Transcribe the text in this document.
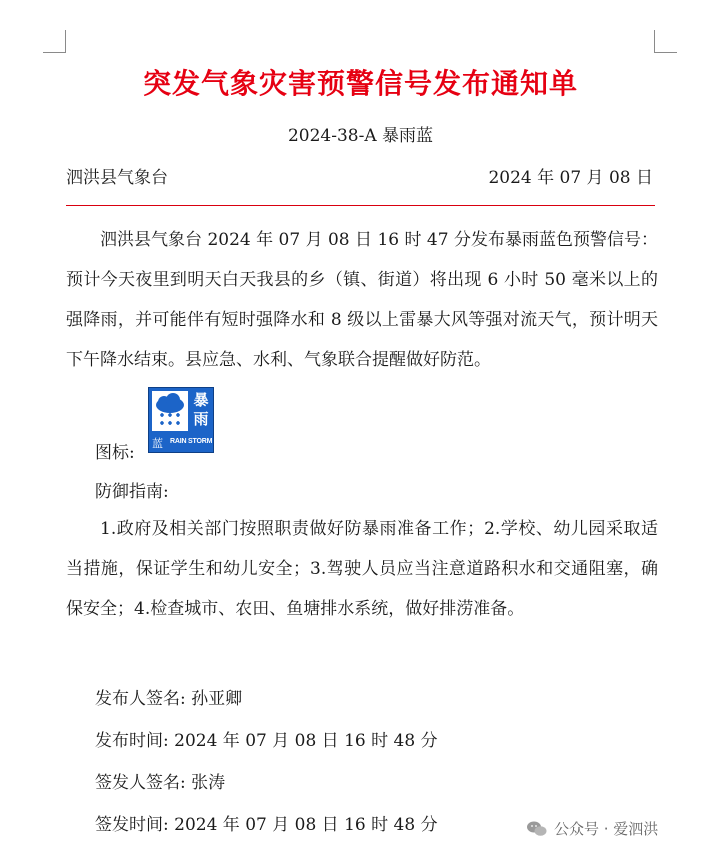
突发气象灾害预警信号发布通知单
2024-38-A 暴雨蓝
泗洪县气象台	2024 年 07 月 08 日

泗洪县气象台 2024 年 07 月 08 日 16 时 47 分发布暴雨蓝色预警信号：预计今天夜里到明天白天我县的乡（镇、街道）将出现 6 小时 50 毫米以上的强降雨，并可能伴有短时强降水和 8 级以上雷暴大风等强对流天气，预计明天下午降水结束。县应急、水利、气象联合提醒做好防范。

图标:
暴雨
蓝 RAIN STORM
防御指南:

1.政府及相关部门按照职责做好防暴雨准备工作；2.学校、幼儿园采取适当措施，保证学生和幼儿安全；3.驾驶人员应当注意道路积水和交通阻塞，确保安全；4.检查城市、农田、鱼塘排水系统，做好排涝准备。

发布人签名: 孙亚卿
发布时间: 2024 年 07 月 08 日 16 时 48 分
签发人签名: 张涛
签发时间: 2024 年 07 月 08 日 16 时 48 分	公众号 · 爱泗洪
